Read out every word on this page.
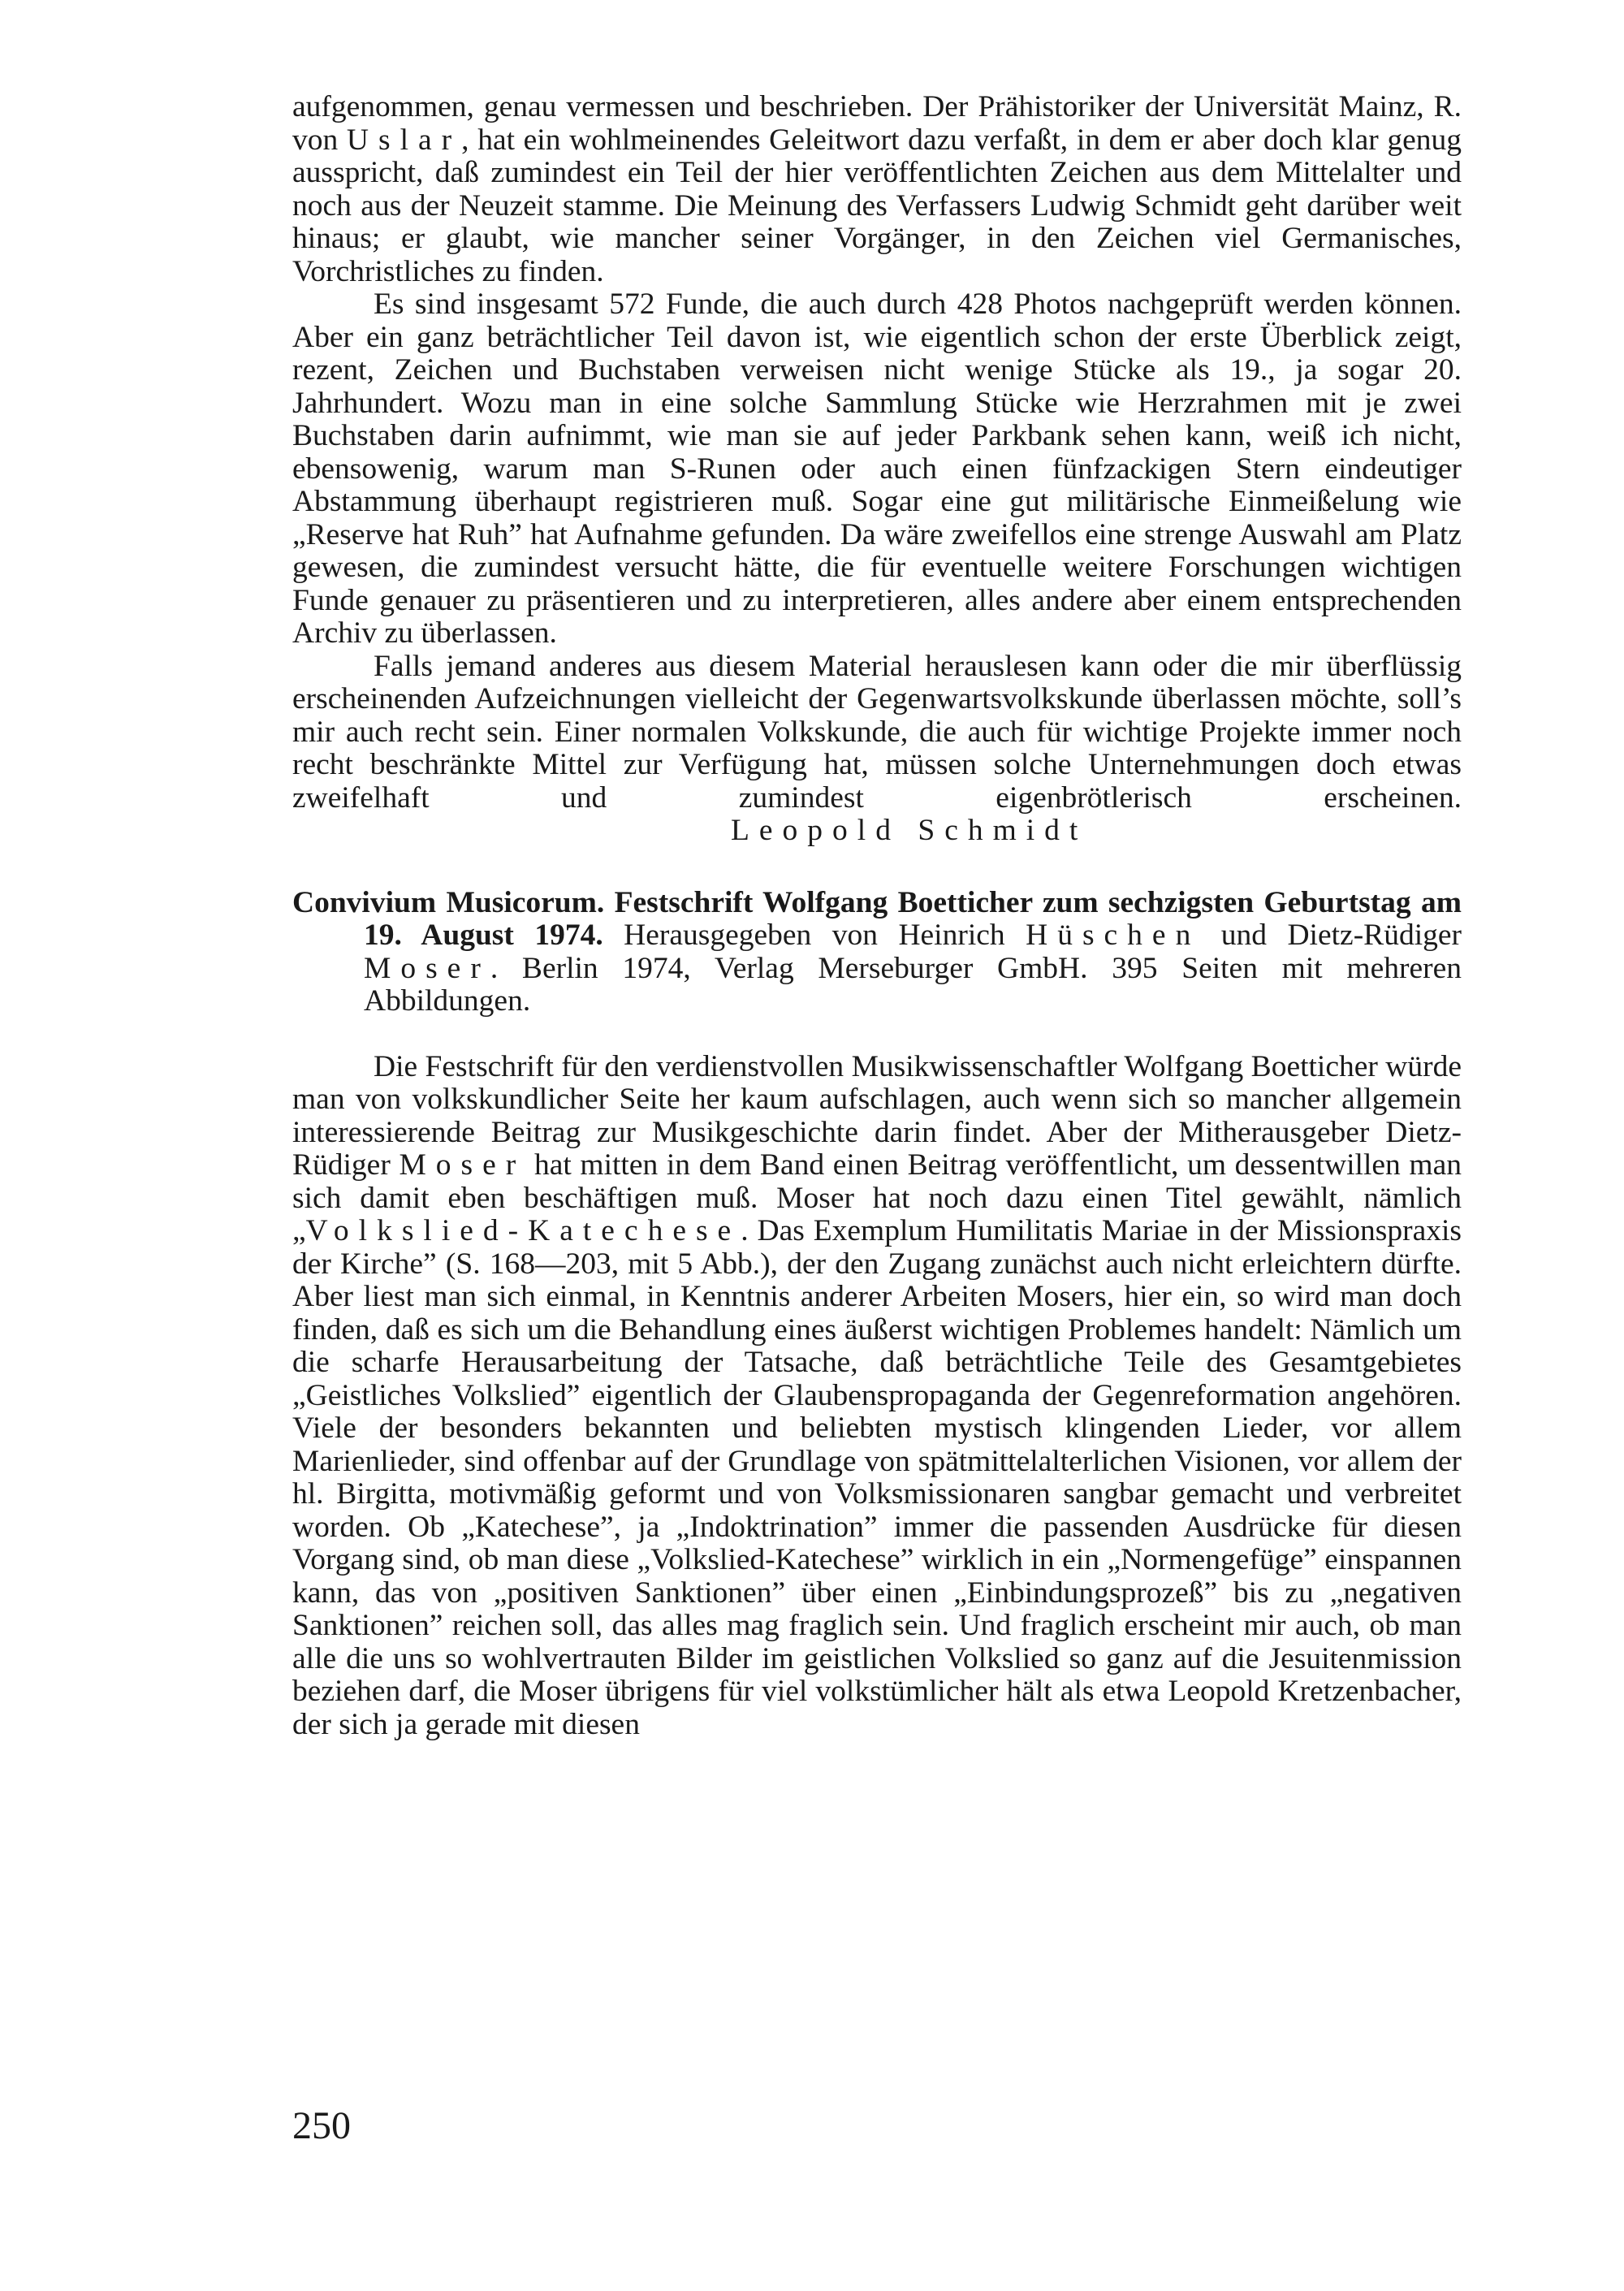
aufgenommen, genau vermessen und beschrieben. Der Prähistoriker der Universität Mainz, R. von Uslar, hat ein wohlmeinendes Geleitwort dazu verfaßt, in dem er aber doch klar genug ausspricht, daß zumindest ein Teil der hier veröffentlichten Zeichen aus dem Mittelalter und noch aus der Neuzeit stamme. Die Meinung des Verfassers Ludwig Schmidt geht darüber weit hinaus; er glaubt, wie mancher seiner Vorgänger, in den Zeichen viel Germanisches, Vorchristliches zu finden.

Es sind insgesamt 572 Funde, die auch durch 428 Photos nachgeprüft werden können. Aber ein ganz beträchtlicher Teil davon ist, wie eigentlich schon der erste Überblick zeigt, rezent, Zeichen und Buchstaben verweisen nicht wenige Stücke als 19., ja sogar 20. Jahrhundert. Wozu man in eine solche Sammlung Stücke wie Herzrahmen mit je zwei Buchstaben darin aufnimmt, wie man sie auf jeder Parkbank sehen kann, weiß ich nicht, ebensowenig, warum man S-Runen oder auch einen fünfzackigen Stern eindeutiger Abstammung überhaupt registrieren muß. Sogar eine gut militärische Einmeißelung wie „Reserve hat Ruh” hat Aufnahme gefunden. Da wäre zweifellos eine strenge Auswahl am Platz gewesen, die zumindest versucht hätte, die für eventuelle weitere Forschungen wichtigen Funde genauer zu präsentieren und zu interpretieren, alles andere aber einem entsprechenden Archiv zu überlassen.

Falls jemand anderes aus diesem Material herauslesen kann oder die mir überflüssig erscheinenden Aufzeichnungen vielleicht der Gegenwartsvolkskunde überlassen möchte, soll’s mir auch recht sein. Einer normalen Volkskunde, die auch für wichtige Projekte immer noch recht beschränkte Mittel zur Verfügung hat, müssen solche Unternehmungen doch etwas zweifelhaft und zumindest eigenbrötlerisch erscheinen.Leopold Schmidt

Convivium Musicorum. Festschrift Wolfgang Boetticher zum sechzigsten Geburtstag am 19. August 1974. Herausgegeben von Heinrich Hüschen und Dietz-Rüdiger Moser. Berlin 1974, Verlag Merseburger GmbH. 395 Seiten mit mehreren Abbildungen.

Die Festschrift für den verdienstvollen Musikwissenschaftler Wolfgang Boetticher würde man von volkskundlicher Seite her kaum aufschlagen, auch wenn sich so mancher allgemein interessierende Beitrag zur Musikgeschichte darin findet. Aber der Mitherausgeber Dietz-Rüdiger Moser hat mitten in dem Band einen Beitrag veröffentlicht, um dessentwillen man sich damit eben beschäftigen muß. Moser hat noch dazu einen Titel gewählt, nämlich „Volkslied-Katechese. Das Exemplum Humilitatis Mariae in der Missionspraxis der Kirche” (S. 168—203, mit 5 Abb.), der den Zugang zunächst auch nicht erleichtern dürfte. Aber liest man sich einmal, in Kenntnis anderer Arbeiten Mosers, hier ein, so wird man doch finden, daß es sich um die Behandlung eines äußerst wichtigen Problemes handelt: Nämlich um die scharfe Herausarbeitung der Tatsache, daß beträchtliche Teile des Gesamtgebietes „Geistliches Volkslied” eigentlich der Glaubenspropaganda der Gegenreformation angehören. Viele der besonders bekannten und beliebten mystisch klingenden Lieder, vor allem Marienlieder, sind offenbar auf der Grundlage von spätmittelalterlichen Visionen, vor allem der hl. Birgitta, motivmäßig geformt und von Volksmissionaren sangbar gemacht und verbreitet worden. Ob „Katechese”, ja „Indoktrination” immer die passenden Ausdrücke für diesen Vorgang sind, ob man diese „Volkslied-Katechese” wirklich in ein „Normengefüge” einspannen kann, das von „positiven Sanktionen” über einen „Einbindungsprozeß” bis zu „negativen Sanktionen” reichen soll, das alles mag fraglich sein. Und fraglich erscheint mir auch, ob man alle die uns so wohlvertrauten Bilder im geistlichen Volkslied so ganz auf die Jesuitenmission beziehen darf, die Moser übrigens für viel volkstümlicher hält als etwa Leopold Kretzenbacher, der sich ja gerade mit diesen

250
